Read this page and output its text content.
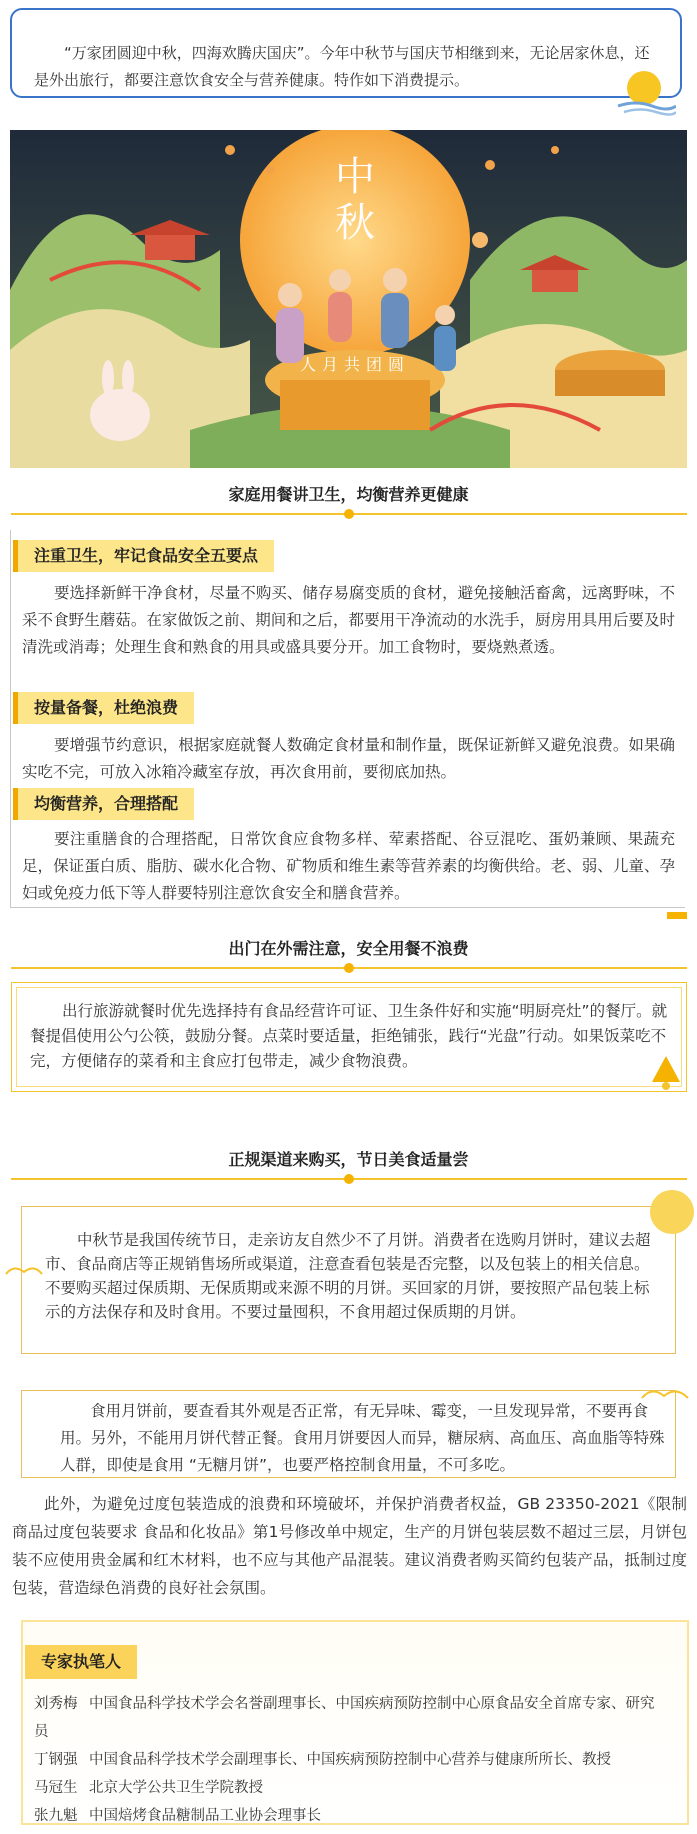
“万家团圆迎中秋，四海欢腾庆国庆”。今年中秋节与国庆节相继到来，无论居家休息，还是外出旅行，都要注意饮食安全与营养健康。特作如下消费提示。

中
秋
人月共团圆
家庭用餐讲卫生，均衡营养更健康
注重卫生，牢记食品安全五要点

要选择新鲜干净食材，尽量不购买、储存易腐变质的食材，避免接触活畜禽，远离野味，不采不食野生蘑菇。在家做饭之前、期间和之后，都要用干净流动的水洗手，厨房用具用后要及时清洗或消毒；处理生食和熟食的用具或盛具要分开。加工食物时，要烧熟煮透。

按量备餐，杜绝浪费

要增强节约意识，根据家庭就餐人数确定食材量和制作量，既保证新鲜又避免浪费。如果确实吃不完，可放入冰箱冷藏室存放，再次食用前，要彻底加热。

均衡营养，合理搭配

要注重膳食的合理搭配，日常饮食应食物多样、荤素搭配、谷豆混吃、蛋奶兼顾、果蔬充足，保证蛋白质、脂肪、碳水化合物、矿物质和维生素等营养素的均衡供给。老、弱、儿童、孕妇或免疫力低下等人群要特别注意饮食安全和膳食营养。

出门在外需注意，安全用餐不浪费

出行旅游就餐时优先选择持有食品经营许可证、卫生条件好和实施“明厨亮灶”的餐厅。就餐提倡使用公勺公筷，鼓励分餐。点菜时要适量，拒绝铺张，践行“光盘”行动。如果饭菜吃不完，方便储存的菜肴和主食应打包带走，减少食物浪费。

正规渠道来购买，节日美食适量尝

中秋节是我国传统节日，走亲访友自然少不了月饼。消费者在选购月饼时，建议去超市、食品商店等正规销售场所或渠道，注意查看包装是否完整，以及包装上的相关信息。不要购买超过保质期、无保质期或来源不明的月饼。买回家的月饼，要按照产品包装上标示的方法保存和及时食用。不要过量囤积，不食用超过保质期的月饼。

食用月饼前，要查看其外观是否正常，有无异味、霉变，一旦发现异常，不要再食用。另外，不能用月饼代替正餐。食用月饼要因人而异，糖尿病、高血压、高血脂等特殊人群，即使是食用 “无糖月饼”，也要严格控制食用量，不可多吃。

此外，为避免过度包装造成的浪费和环境破坏，并保护消费者权益，GB 23350-2021《限制商品过度包装要求 食品和化妆品》第1号修改单中规定，生产的月饼包装层数不超过三层，月饼包装不应使用贵金属和红木材料，也不应与其他产品混装。建议消费者购买简约包装产品，抵制过度包装，营造绿色消费的良好社会氛围。

专家执笔人
刘秀梅 中国食品科学技术学会名誉副理事长、中国疾病预防控制中心原食品安全首席专家、研究
员
丁钢强 中国食品科学技术学会副理事长、中国疾病预防控制中心营养与健康所所长、教授
马冠生 北京大学公共卫生学院教授
张九魁 中国焙烤食品糖制品工业协会理事长
